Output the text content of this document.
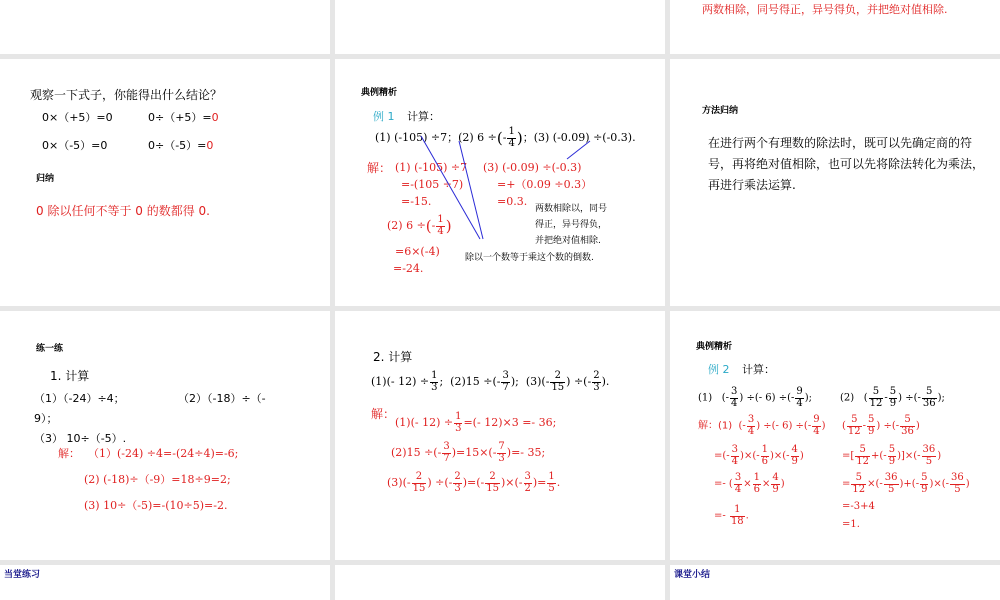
两数相除，同号得正，异号得负，并把绝对值相除.
观察一下式子，你能得出什么结论？
0×（+5）=0	0÷（+5）=0
0×（-5）=0	0÷（-5）=0
归纳
0 除以任何不等于 0 的数都得 0.
典例精析
例 1 计算：
(1) (-105) ÷7；(2) 6 ÷(- $\frac{1}{4}$ )；(3) (-0.09) ÷(-0.3).
解： (1) (-105) ÷7
=-(105 ÷7)
=-15.
(3) (-0.09) ÷(-0.3)
=+（0.09 ÷0.3）
=0.3.
(2) 6 ÷(- $\frac{1}{4}$ )
=6×(-4)
=-24.
两数相除以，同号
得正，异号得负，
并把绝对值相除.
除以一个数等于乘这个数的倒数.
方法归纳
在进行两个有理数的除法时，既可以先确定商的符
号，再将绝对值相除，也可以先将除法转化为乘法，
再进行乘法运算.
练一练
1. 计算
（1）（-24）÷4；	（2）（-18）÷（-
9）；
（3） 10÷（-5）.
解： （1）(-24) ÷4=-(24÷4)=-6;
(2) (-18)÷（-9）=18÷9=2;
(3) 10÷（-5)=-(10÷5)=-2.
2. 计算
(1)(- $12) \div \frac{1}{3}$ ;  (2)15 ÷(- $\frac{3}{7}$ );  $(3)(- \frac{2}{15}$ ) ÷(- $\frac{2}{3}$ ).
解：
(1)(- $12) \div \frac{1}{3}$ =(- 12)×3 =- 36;
(2)15 ÷(- $\frac{3}{7} )=15\times(- \frac{7}{3}$ )=- 35;
$(3)(- \frac{2}{15}$ ) ÷(- $\frac{2}{3}$ )=(- $\frac{2}{15}$ )×(- $\frac{3}{2}$ )= $\frac{1}{5}$ .
典例精析
例 2 计算：
(1)   (- $\frac{3}{4}$ ) ÷(- 6) ÷(- $\frac{9}{4}$ );	(2)   ( $\frac{5}{12} - \frac{5}{9}$ ) ÷(- $\frac{5}{36}$ );
解：(1)  (- $\frac{3}{4}$ ) ÷(- 6) ÷(- $\frac{9}{4}$ )
=(- $\frac{3}{4}$ )×(- $\frac{1}{6}$ )×(- $\frac{4}{9}$ )
=- ( $\frac{3}{4} \times \frac{1}{6} \times \frac{4}{9}$ )
=- $\frac{1}{18}$ .
( $\frac{5}{12} - \frac{5}{9}$ ) ÷(- $\frac{5}{36}$ )
=[ $\frac{5}{12}$ +(- $\frac{5}{9}$ )]×(- $\frac{36}{5}$ )
= $\frac{5}{12}$ ×(- $\frac{36}{5}$ )+(- $\frac{5}{9}$ )×(- $\frac{36}{5}$ )
=-3+4
=1.
当堂练习	课堂小结
